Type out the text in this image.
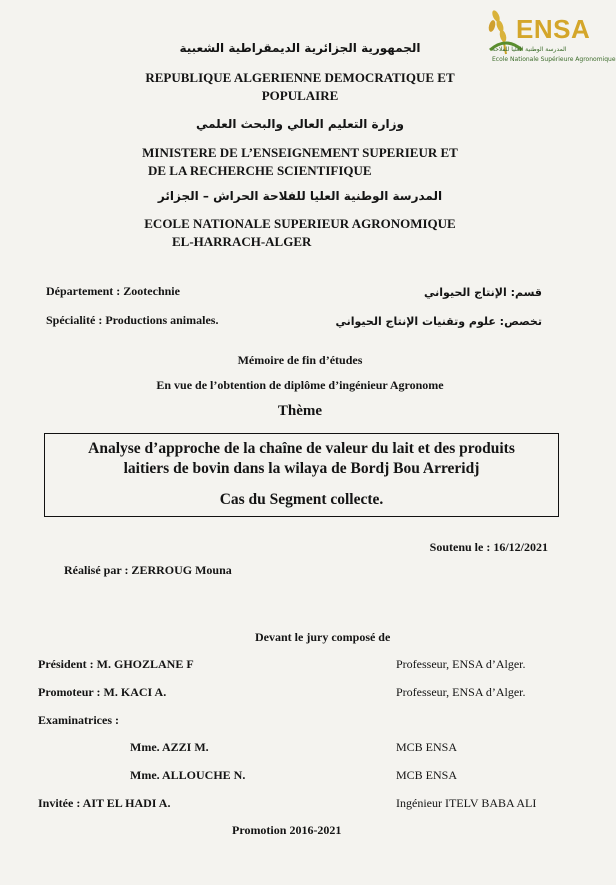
ENSA
المدرسة الوطنية العليا للفلاحة
Ecole Nationale Supérieure Agronomique
الجمهورية الجزائرية الديمقراطية الشعبية
REPUBLIQUE ALGERIENNE DEMOCRATIQUE ET
POPULAIRE
وزارة التعليم العالي والبحث العلمي
MINISTERE DE L’ENSEIGNEMENT SUPERIEUR ET
DE LA RECHERCHE SCIENTIFIQUE
المدرسة الوطنية العليا للفلاحة الحراش – الجزائر
ECOLE NATIONALE SUPERIEUR AGRONOMIQUE
EL-HARRACH-ALGER
Département : Zootechnie	قسم: الإنتاج الحيواني
Spécialité : Productions animales.	تخصص: علوم وتقنيات الإنتاج الحيواني
Mémoire de fin d’études
En vue de l’obtention de diplôme d’ingénieur Agronome
Thème
Analyse d’approche de la chaîne de valeur du lait et des produits
laitiers de bovin dans la wilaya de Bordj Bou Arreridj
Cas du Segment collecte.
Soutenu le : 16/12/2021
Réalisé par : ZERROUG Mouna
Devant le jury composé de
Président : M. GHOZLANE F	Professeur, ENSA d’Alger.
Promoteur : M. KACI A.	Professeur, ENSA d’Alger.
Examinatrices :
Mme. AZZI M.	MCB ENSA
Mme. ALLOUCHE N.	MCB ENSA
Invitée : AIT EL HADI A.	Ingénieur ITELV BABA ALI
Promotion 2016-2021
